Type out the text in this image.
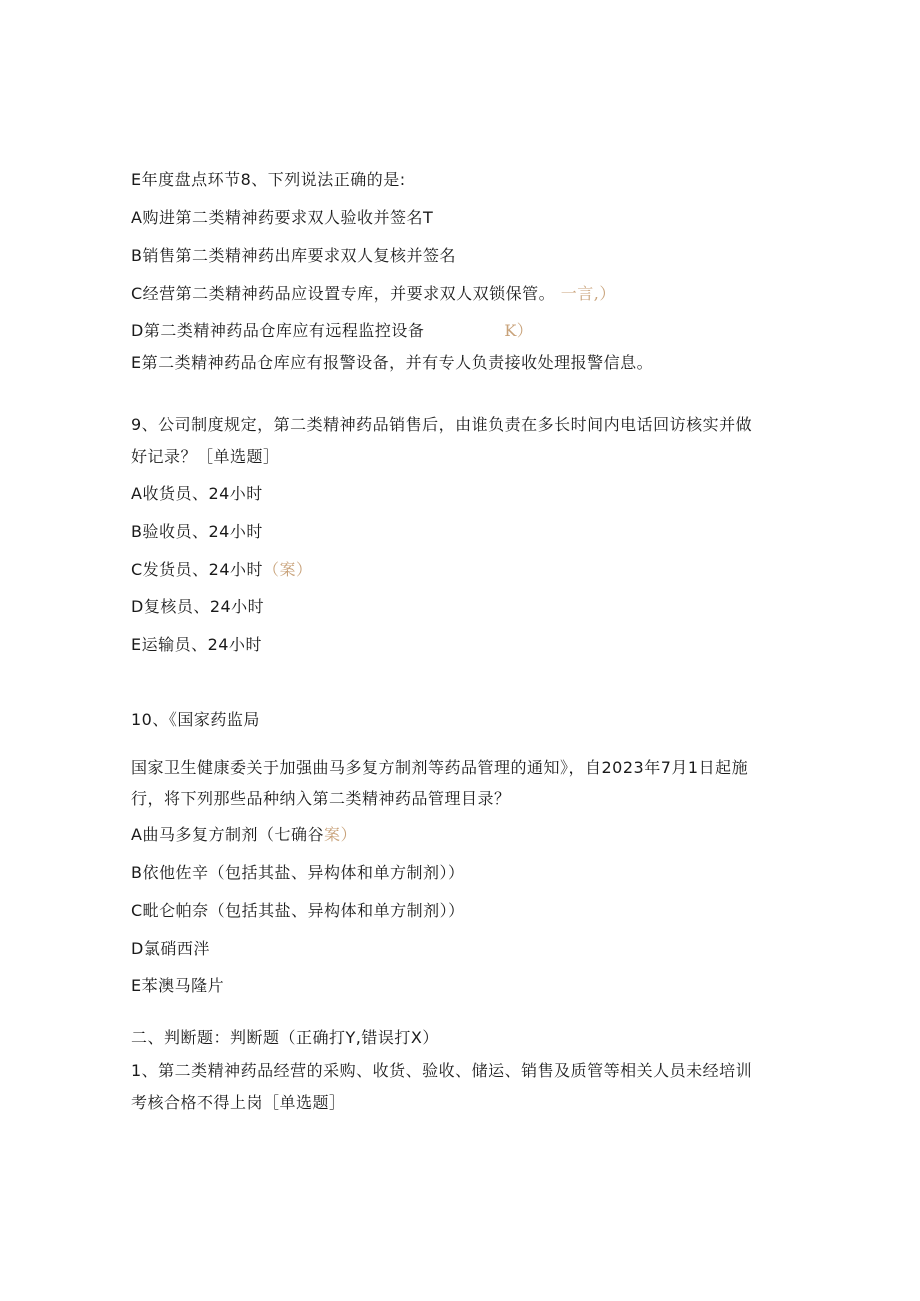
E年度盘点环节8、下列说法正确的是:
A购进第二类精神药要求双人验收并签名T
B销售第二类精神药出库要求双人复核并签名
C经营第二类精神药品应设置专库，并要求双人双锁保管。 一言,）
D第二类精神药品仓库应有远程监控设备	K）
E第二类精神药品仓库应有报警设备，并有专人负责接收处理报警信息。
9、公司制度规定，第二类精神药品销售后，由谁负责在多长时间内电话回访核实并做
好记录？［单选题］
A收货员、24小时
B验收员、24小时
C发货员、24小时（案）
D复核员、24小时
E运输员、24小时
10、《国家药监局
国家卫生健康委关于加强曲马多复方制剂等药品管理的通知》，自2023年7月1日起施
行，将下列那些品种纳入第二类精神药品管理目录？
A曲马多复方制剂（七确谷案）
B依他佐辛（包括其盐、异构体和单方制剂））
C毗仑帕奈（包括其盐、异构体和单方制剂））
D氯硝西泮
E苯澳马隆片
二、判断题：判断题（正确打Y,错误打X）
1、第二类精神药品经营的采购、收货、验收、储运、销售及质管等相关人员未经培训
考核合格不得上岗［单选题］
